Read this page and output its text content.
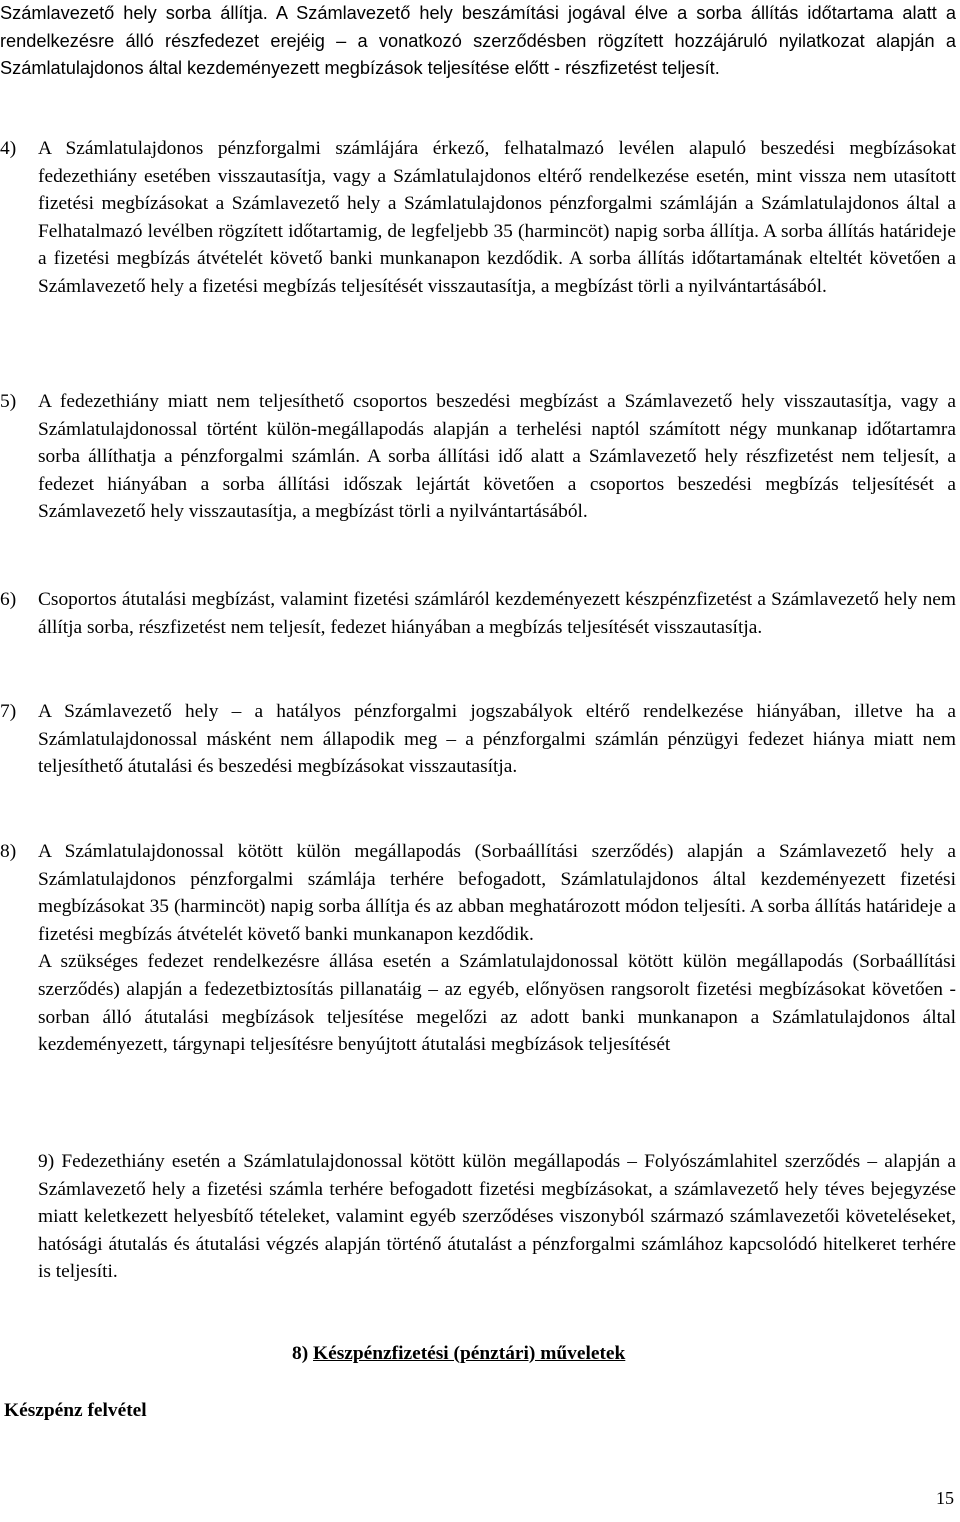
Számlavezető hely sorba állítja. A Számlavezető hely beszámítási jogával élve a sorba állítás időtartama alatt a rendelkezésre álló részfedezet erejéig – a vonatkozó szerződésben rögzített hozzájáruló nyilatkozat alapján a Számlatulajdonos által kezdeményezett megbízások teljesítése előtt - részfizetést teljesít.

4) A Számlatulajdonos pénzforgalmi számlájára érkező, felhatalmazó levélen alapuló beszedési megbízásokat fedezethiány esetében visszautasítja, vagy a Számlatulajdonos eltérő rendelkezése esetén, mint vissza nem utasított fizetési megbízásokat a Számlavezető hely a Számlatulajdonos pénzforgalmi számláján a Számlatulajdonos által a Felhatalmazó levélben rögzített időtartamig, de legfeljebb 35 (harmincöt) napig sorba állítja. A sorba állítás határideje a fizetési megbízás átvételét követő banki munkanapon kezdődik. A sorba állítás időtartamának elteltét követően a Számlavezető hely a fizetési megbízás teljesítését visszautasítja, a megbízást törli a nyilvántartásából.

5) A fedezethiány miatt nem teljesíthető csoportos beszedési megbízást a Számlavezető hely visszautasítja, vagy a Számlatulajdonossal történt külön-megállapodás alapján a terhelési naptól számított négy munkanap időtartamra sorba állíthatja a pénzforgalmi számlán. A sorba állítási idő alatt a Számlavezető hely részfizetést nem teljesít, a fedezet hiányában a sorba állítási időszak lejártát követően a csoportos beszedési megbízás teljesítését a Számlavezető hely visszautasítja, a megbízást törli a nyilvántartásából.

6) Csoportos átutalási megbízást, valamint fizetési számláról kezdeményezett készpénzfizetést a Számlavezető hely nem állítja sorba, részfizetést nem teljesít, fedezet hiányában a megbízás teljesítését visszautasítja.

7) A Számlavezető hely – a hatályos pénzforgalmi jogszabályok eltérő rendelkezése hiányában, illetve ha a Számlatulajdonossal másként nem állapodik meg – a pénzforgalmi számlán pénzügyi fedezet hiánya miatt nem teljesíthető átutalási és beszedési megbízásokat visszautasítja.

8) A Számlatulajdonossal kötött külön megállapodás (Sorbaállítási szerződés) alapján a Számlavezető hely a Számlatulajdonos pénzforgalmi számlája terhére befogadott, Számlatulajdonos által kezdeményezett fizetési megbízásokat 35 (harmincöt) napig sorba állítja és az abban meghatározott módon teljesíti. A sorba állítás határideje a fizetési megbízás átvételét követő banki munkanapon kezdődik.

A szükséges fedezet rendelkezésre állása esetén a Számlatulajdonossal kötött külön megállapodás (Sorbaállítási szerződés) alapján a fedezetbiztosítás pillanatáig – az egyéb, előnyösen rangsorolt fizetési megbízásokat követően - sorban álló átutalási megbízások teljesítése megelőzi az adott banki munkanapon a Számlatulajdonos által kezdeményezett, tárgynapi teljesítésre benyújtott átutalási megbízások teljesítését

9) Fedezethiány esetén a Számlatulajdonossal kötött külön megállapodás – Folyószámlahitel szerződés – alapján a Számlavezető hely a fizetési számla terhére befogadott fizetési megbízásokat, a számlavezető hely téves bejegyzése miatt keletkezett helyesbítő tételeket, valamint egyéb szerződéses viszonyból származó számlavezetői követeléseket, hatósági átutalás és átutalási végzés alapján történő átutalást a pénzforgalmi számlához kapcsolódó hitelkeret terhére is teljesíti.

8) Készpénzfizetési (pénztári) műveletek
Készpénz felvétel
15
